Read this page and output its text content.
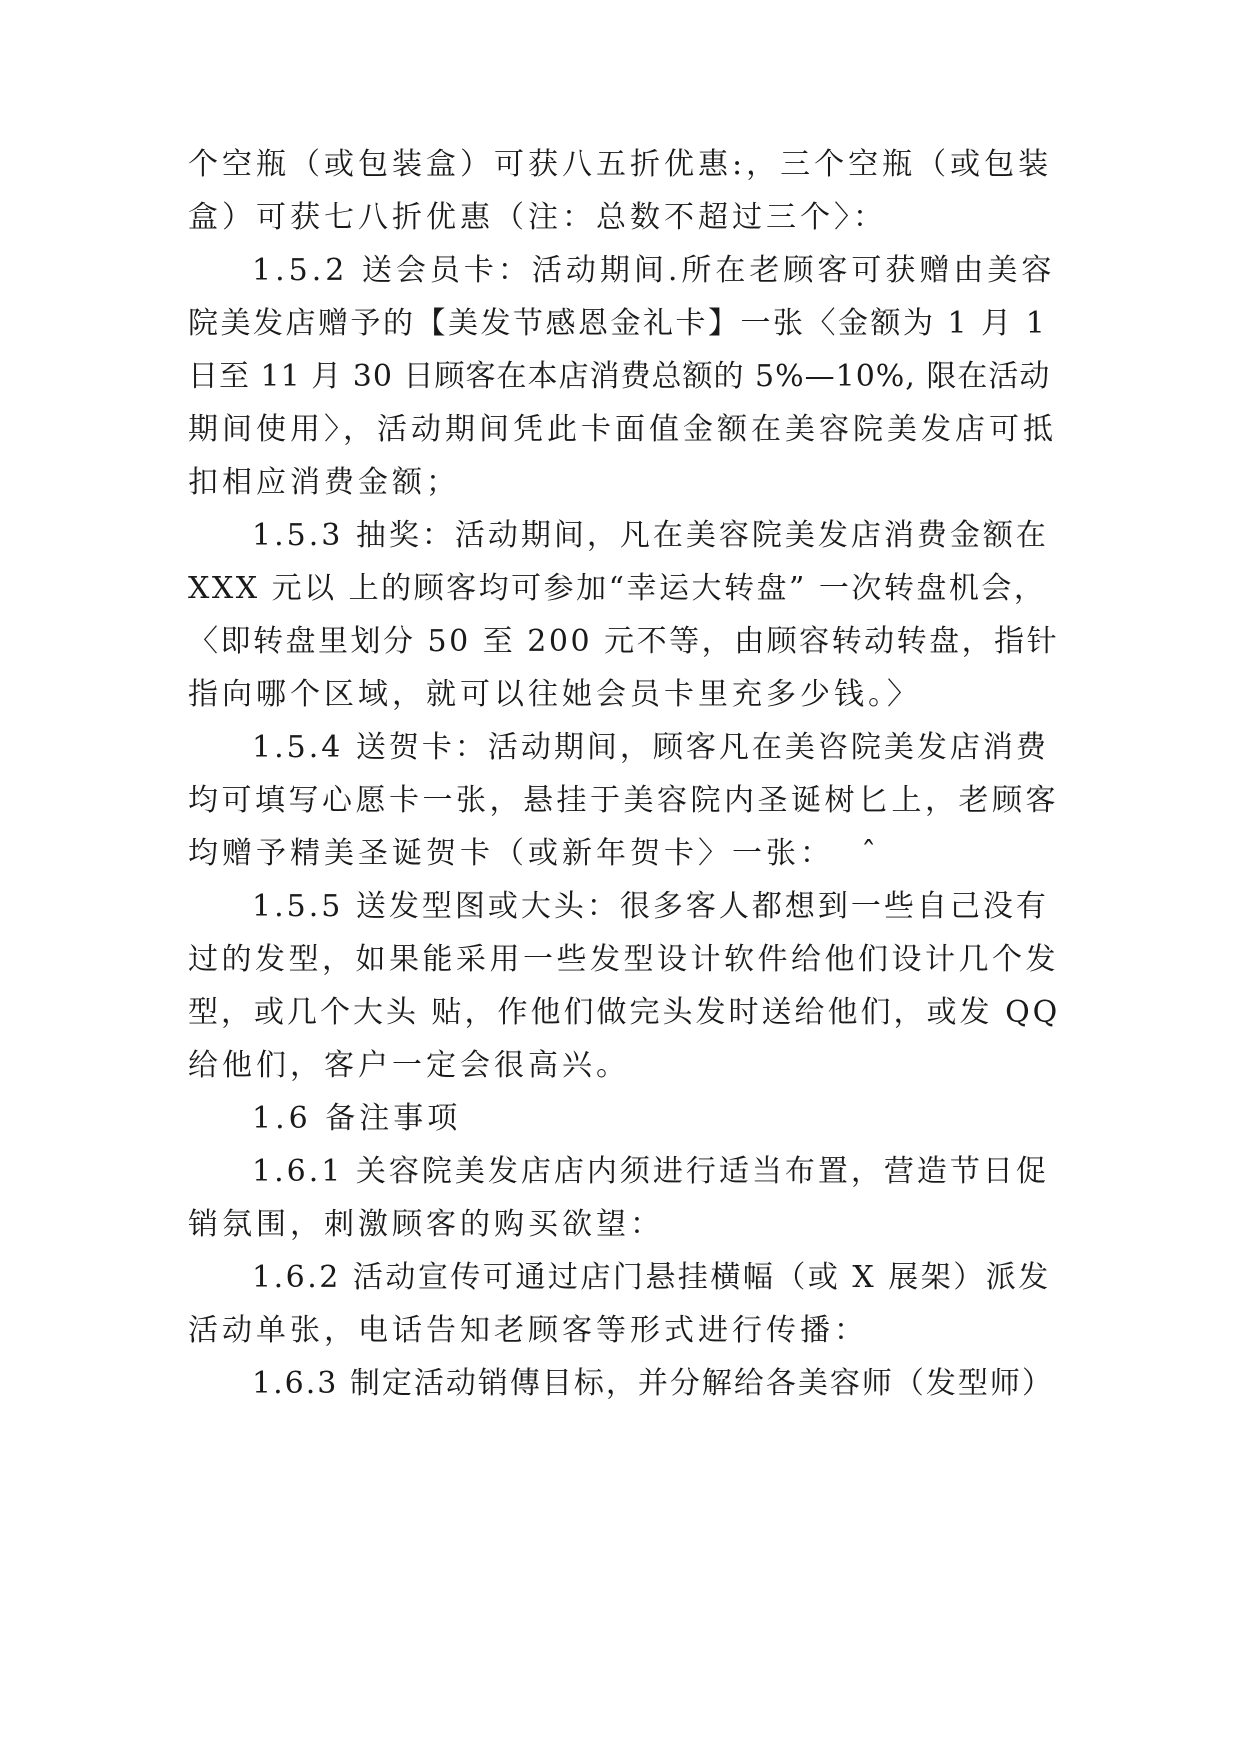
个空瓶（或包装盒）可获八五折优惠:，三个空瓶（或包装
盒）可获七八折优惠（注：总数不超过三个〉：
1.5.2 送会员卡：活动期间.所在老顾客可获赠由美容
院美发店赠予的【美发节感恩金礼卡】一张〈金额为 1 月 1
日至 11 月 30 日顾客在本店消费总额的 5%—10%, 限在活动
期间使用〉，活动期间凭此卡面值金额在美容院美发店可抵
扣相应消费金额；
1.5.3 抽奖：活动期间，凡在美容院美发店消费金额在
XXX 元以 上的顾客均可参加“幸运大转盘” 一次转盘机会，
〈即转盘里划分 50 至 200 元不等，由顾容转动转盘，指针
指向哪个区域，就可以往她会员卡里充多少钱。〉
1.5.4 送贺卡：活动期间，顾客凡在美咨院美发店消费
均可填写心愿卡一张，悬挂于美容院内圣诞树匕上，老顾客
均赠予精美圣诞贺卡（或新年贺卡〉一张：  ˆ
1.5.5 送发型图或大头：很多客人都想到一些自己没有
过的发型，如果能采用一些发型设计软件给他们设计几个发
型，或几个大头 贴，作他们做完头发时送给他们，或发 QQ
给他们，客户一定会很高兴。
1.6 备注事项
1.6.1 关容院美发店店内须进行适当布置，营造节日促
销氛围，刺激顾客的购买欲望：
1.6.2 活动宣传可通过店门悬挂横幅（或 X 展架）派发
活动单张，电话告知老顾客等形式进行传播：
1.6.3 制定活动销傳目标，并分解给各美容师（发型师）
